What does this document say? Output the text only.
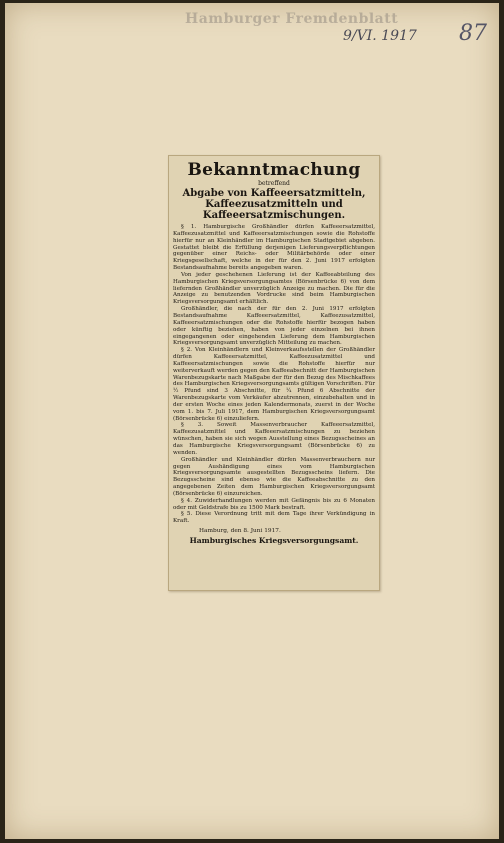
Hamburger Fremdenblatt
9/VI. 1917 87
Bekanntmachung
betreffend
Abgabe von Kaffeeersatzmitteln, Kaffeezusatzmitteln und Kaffeeersatzmischungen.

§ 1. Hamburgische Großhändler dürfen Kaffeeersatzmittel, Kaffeezusatzmittel und Kaffeeersatzmischungen sowie die Rohstoffe hierfür nur an Kleinhändler im Hamburgischen Stadtgebiet abgeben. Gestattet bleibt die Erfüllung derjenigen Lieferungsverpflichtungen gegenüber einer Reichs- oder Militärbehörde oder einer Kriegsgesellschaft, welche in der für den 2. Juni 1917 erfolgten Bestandsaufnahme bereits angegeben waren.

Von jeder geschehenen Lieferung ist der Kaffeeabteilung des Hamburgischen Kriegsversorgungsamtes (Börsenbrücke 6) von dem liefernden Großhändler unverzüglich Anzeige zu machen. Die für die Anzeige zu benutzenden Vordrucke sind beim Hamburgischen Kriegsversorgungsamt erhältlich.

Großhändler, die nach der für den 2. Juni 1917 erfolgten Bestandsaufnahme Kaffeeersatzmittel, Kaffeezusatzmittel, Kaffeeersatzmischungen oder die Rohstoffe hierfür bezogen haben oder künftig beziehen, haben von jeder einzelnen bei ihnen eingegangenen oder eingehenden Lieferung dem Hamburgischen Kriegsversorgungsamt unverzüglich Mitteilung zu machen.

§ 2. Von Kleinhändlern und Kleinverkaufsstellen der Großhändler dürfen Kaffeeersatzmittel, Kaffeezusatzmittel und Kaffeeersatzmischungen sowie die Rohstoffe hierfür nur weiterverkauft werden gegen den Kaffeeabschnitt der Hamburgischen Warenbezugskarte nach Maßgabe der für den Bezug des Mischkaffees des Hamburgischen Kriegsversorgungsamts gültigen Vorschriften. Für ½ Pfund sind 3 Abschnitte, für ¼ Pfund 6 Abschnitte der Warenbezugskarte vom Verkäufer abzutrennen, einzubehalten und in der ersten Woche eines jeden Kalendermonats, zuerst in der Woche vom 1. bis 7. Juli 1917, dem Hamburgischen Kriegsversorgungsamt (Börsenbrücke 6) einzuliefern.

§ 3. Soweit Massenverbraucher Kaffeeersatzmittel, Kaffeezusatzmittel und Kaffeeersatzmischungen zu beziehen wünschen, haben sie sich wegen Ausstellung eines Bezugsscheines an das Hamburgische Kriegsversorgungsamt (Börsenbrücke 6) zu wenden.

Großhändler und Kleinhändler dürfen Massenverbrauchern nur gegen Aushändigung eines vom Hamburgischen Kriegsversorgungsamte ausgestellten Bezugsscheins liefern. Die Bezugsscheine sind ebenso wie die Kaffeeabschnitte zu den angegebenen Zeiten dem Hamburgischen Kriegsversorgungsamt (Börsenbrücke 6) einzureichen.

§ 4. Zuwiderhandlungen werden mit Gefängnis bis zu 6 Monaten oder mit Geldstrafe bis zu 1500 Mark bestraft.

§ 5. Diese Verordnung tritt mit dem Tage ihrer Verkündigung in Kraft.

Hamburg, den 8. Juni 1917.
Hamburgisches Kriegsversorgungsamt.
